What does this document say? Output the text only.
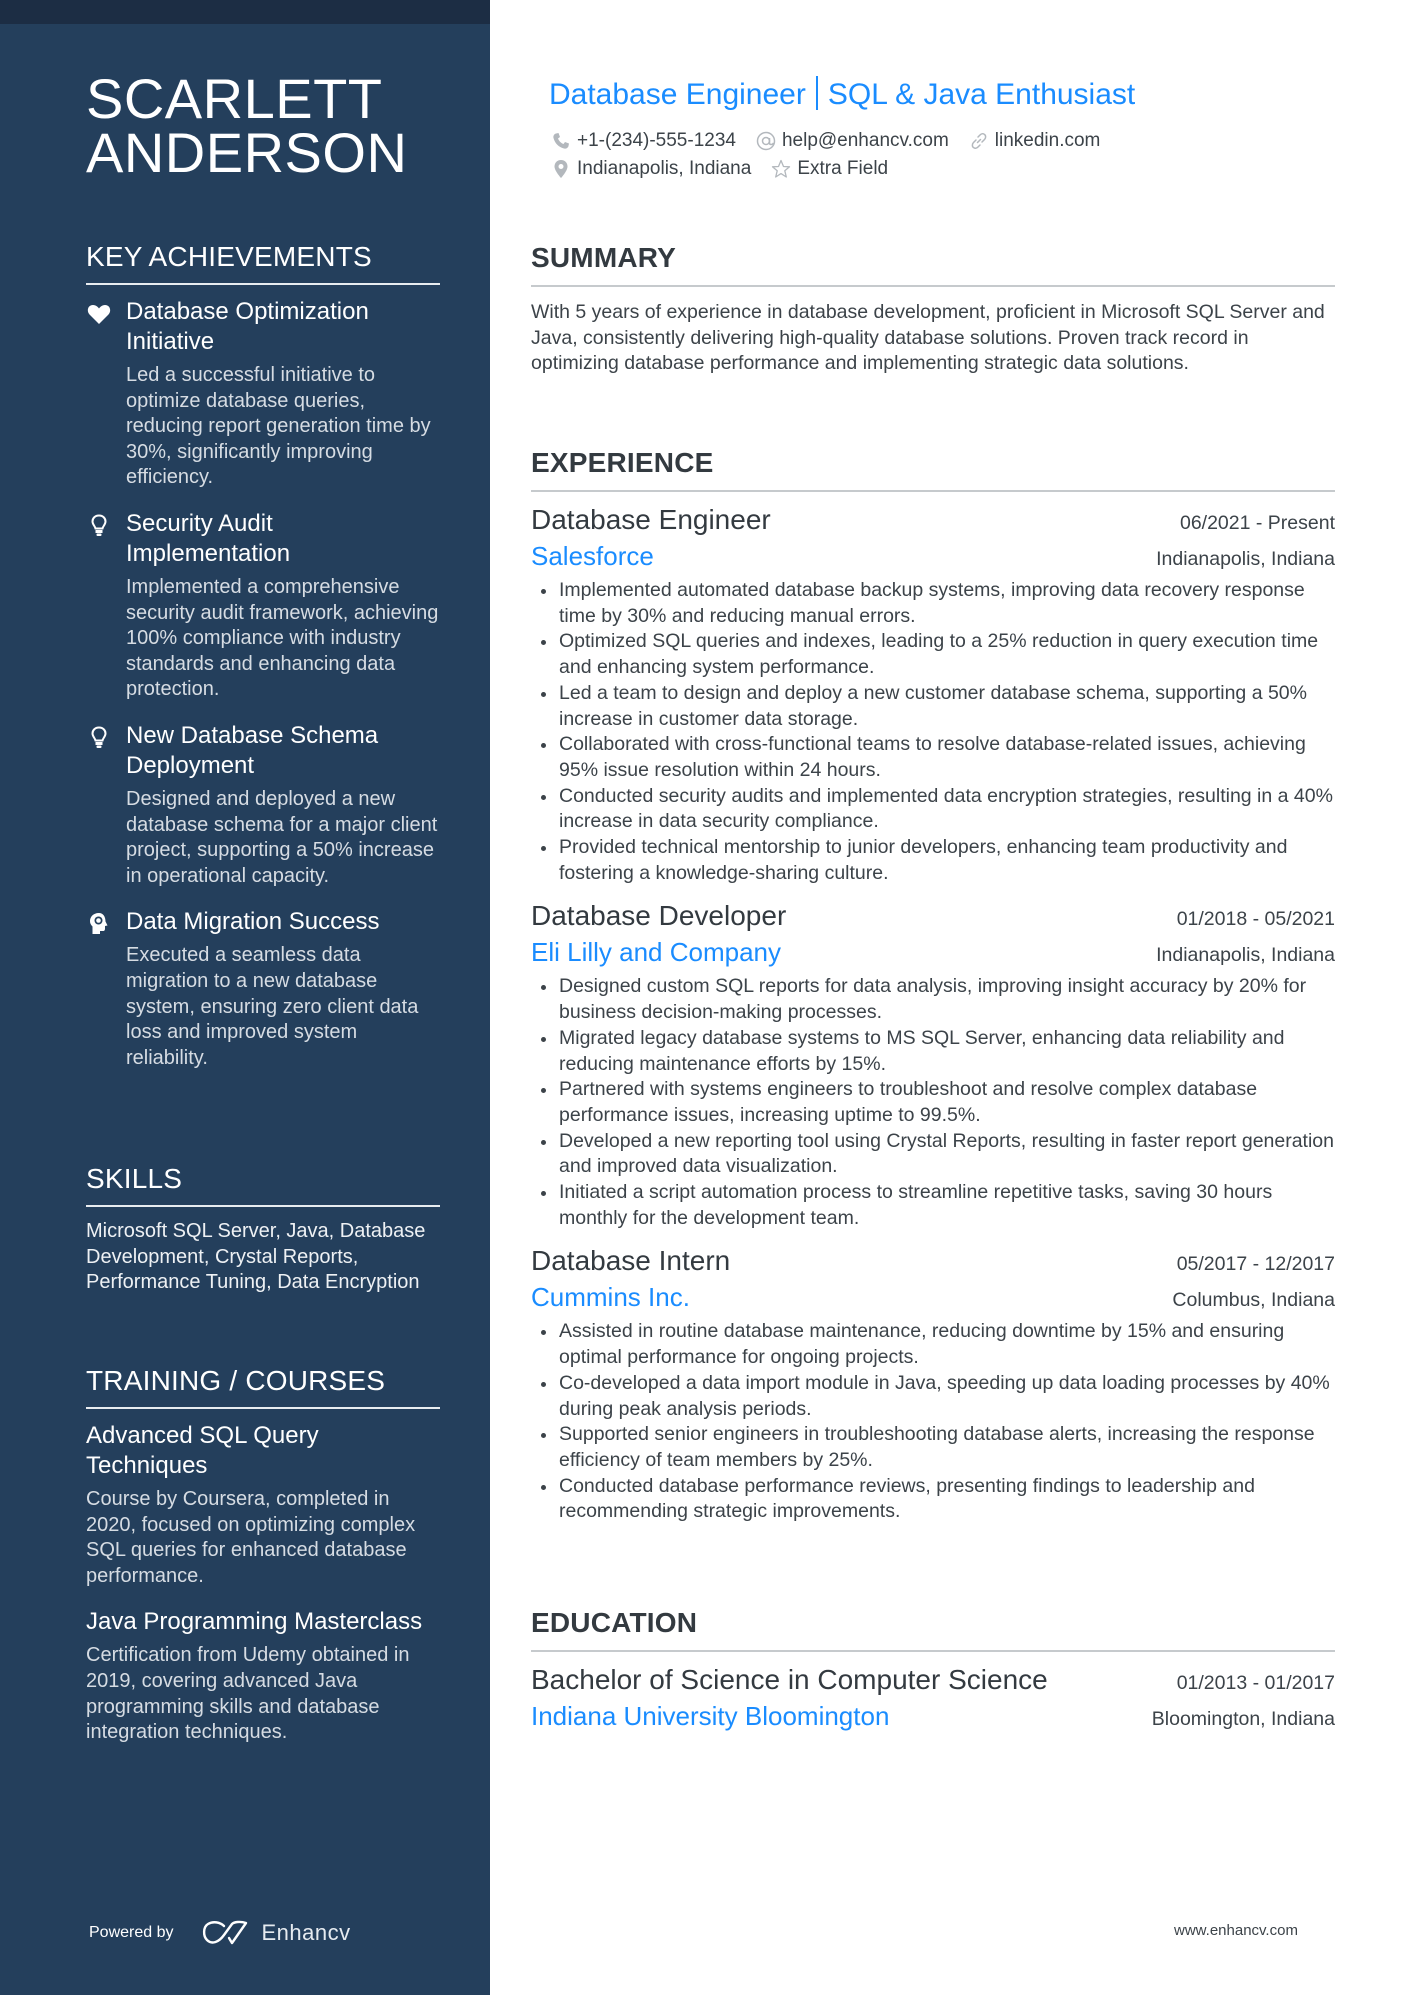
SCARLETT
ANDERSON
KEY ACHIEVEMENTS
Database Optimization Initiative
Led a successful initiative to optimize database queries, reducing report generation time by 30%, significantly improving efficiency.
Security Audit Implementation
Implemented a comprehensive security audit framework, achieving 100% compliance with industry standards and enhancing data protection.
New Database Schema Deployment
Designed and deployed a new database schema for a major client project, supporting a 50% increase in operational capacity.
Data Migration Success
Executed a seamless data migration to a new database system, ensuring zero client data loss and improved system reliability.
SKILLS
Microsoft SQL Server, Java, Database Development, Crystal Reports, Performance Tuning, Data Encryption
TRAINING / COURSES
Advanced SQL Query Techniques
Course by Coursera, completed in 2020, focused on optimizing complex SQL queries for enhanced database performance.
Java Programming Masterclass
Certification from Udemy obtained in 2019, covering advanced Java programming skills and database integration techniques.
Powered by	Enhancv
Database Engineer SQL & Java Enthusiast
+1-(234)-555-1234 help@enhancv.com linkedin.com
Indianapolis, Indiana Extra Field
SUMMARY

With 5 years of experience in database development, proficient in Microsoft SQL Server and Java, consistently delivering high-quality database solutions. Proven track record in optimizing database performance and implementing strategic data solutions.

EXPERIENCE
Database Engineer	06/2021 - Present
Salesforce	Indianapolis, Indiana
Implemented automated database backup systems, improving data recovery response time by 30% and reducing manual errors.
Optimized SQL queries and indexes, leading to a 25% reduction in query execution time and enhancing system performance.
Led a team to design and deploy a new customer database schema, supporting a 50% increase in customer data storage.
Collaborated with cross-functional teams to resolve database-related issues, achieving 95% issue resolution within 24 hours.
Conducted security audits and implemented data encryption strategies, resulting in a 40% increase in data security compliance.
Provided technical mentorship to junior developers, enhancing team productivity and fostering a knowledge-sharing culture.
Database Developer	01/2018 - 05/2021
Eli Lilly and Company	Indianapolis, Indiana
Designed custom SQL reports for data analysis, improving insight accuracy by 20% for business decision-making processes.
Migrated legacy database systems to MS SQL Server, enhancing data reliability and reducing maintenance efforts by 15%.
Partnered with systems engineers to troubleshoot and resolve complex database performance issues, increasing uptime to 99.5%.
Developed a new reporting tool using Crystal Reports, resulting in faster report generation and improved data visualization.
Initiated a script automation process to streamline repetitive tasks, saving 30 hours monthly for the development team.
Database Intern	05/2017 - 12/2017
Cummins Inc.	Columbus, Indiana
Assisted in routine database maintenance, reducing downtime by 15% and ensuring optimal performance for ongoing projects.
Co-developed a data import module in Java, speeding up data loading processes by 40% during peak analysis periods.
Supported senior engineers in troubleshooting database alerts, increasing the response efficiency of team members by 25%.
Conducted database performance reviews, presenting findings to leadership and recommending strategic improvements.
EDUCATION
Bachelor of Science in Computer Science	01/2013 - 01/2017
Indiana University Bloomington	Bloomington, Indiana
www.enhancv.com
